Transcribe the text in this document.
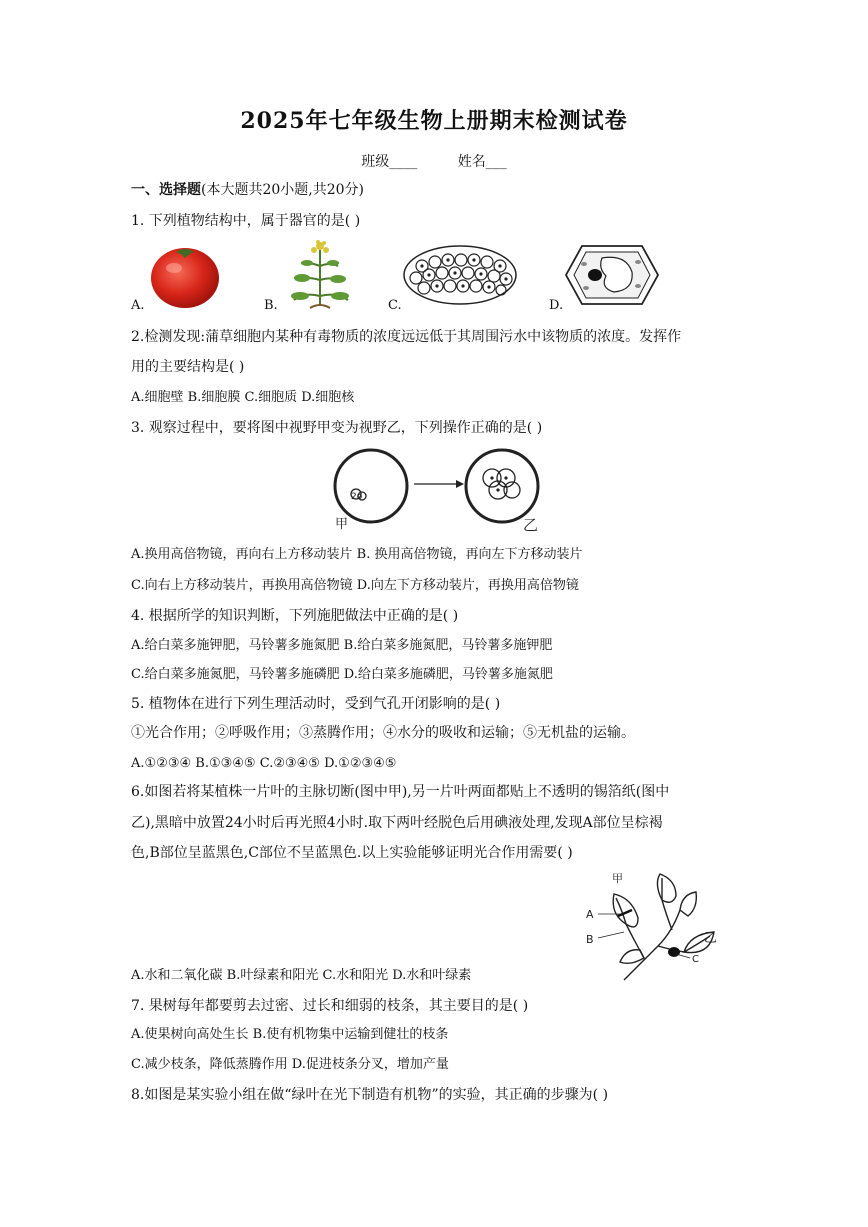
2025年七年级生物上册期末检测试卷
班级____	姓名___
一、选择题(本大题共20小题,共20分)
1. 下列植物结构中，属于器官的是( )
A.	B.	C.	D.
2.检测发现:蒲草细胞内某种有毒物质的浓度远远低于其周围污水中该物质的浓度。发挥作
用的主要结构是( )
A.细胞壁 B.细胞膜 C.细胞质 D.细胞核
3. 观察过程中，要将图中视野甲变为视野乙，下列操作正确的是( )
2o
甲	乙
A.换用高倍物镜，再向右上方移动装片 B. 换用高倍物镜，再向左下方移动装片
C.向右上方移动装片，再换用高倍物镜 D.向左下方移动装片，再换用高倍物镜
4. 根据所学的知识判断，下列施肥做法中正确的是( )
A.给白菜多施钾肥，马铃薯多施氮肥 B.给白菜多施氮肥，马铃薯多施钾肥
C.给白菜多施氮肥，马铃薯多施磷肥 D.给白菜多施磷肥，马铃薯多施氮肥
5. 植物体在进行下列生理活动时，受到气孔开闭影响的是( )
①光合作用；②呼吸作用；③蒸腾作用；④水分的吸收和运输；⑤无机盐的运输。
A.①②③④ B.①③④⑤ C.②③④⑤ D.①②③④⑤
6.如图若将某植株一片叶的主脉切断(图中甲),另一片叶两面都贴上不透明的锡箔纸(图中
乙),黑暗中放置24小时后再光照4小时.取下两叶经脱色后用碘液处理,发现A部位呈棕褐
色,B部位呈蓝黑色,C部位不呈蓝黑色.以上实验能够证明光合作用需要( )
甲
A
B	乙
C
A.水和二氧化碳 B.叶绿素和阳光 C.水和阳光 D.水和叶绿素
7. 果树每年都要剪去过密、过长和细弱的枝条，其主要目的是( )
A.使果树向高处生长 B.使有机物集中运输到健壮的枝条
C.减少枝条，降低蒸腾作用 D.促进枝条分叉，增加产量
8.如图是某实验小组在做“绿叶在光下制造有机物”的实验，其正确的步骤为( )
